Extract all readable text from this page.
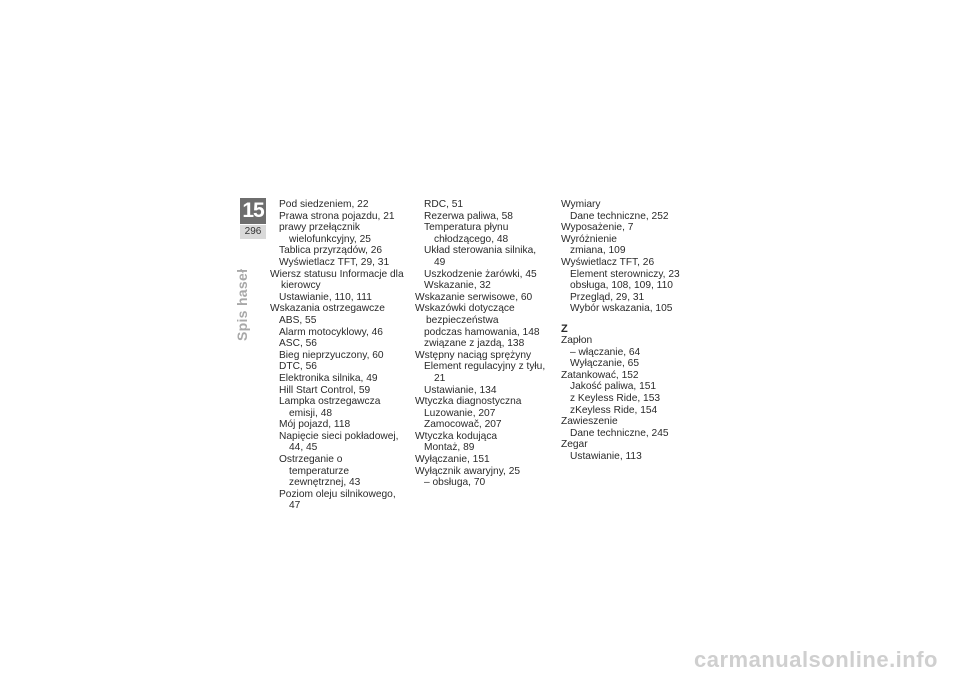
15
296
Spis haseł
Pod siedzeniem, 22
Prawa strona pojazdu, 21
prawy przełącznik wielofunkcyjny, 25
Tablica przyrządów, 26
Wyświetlacz TFT, 29, 31
Wiersz statusu Informacje dla kierowcy
Ustawianie, 110, 111
Wskazania ostrzegawcze
ABS, 55
Alarm motocyklowy, 46
ASC, 56
Bieg nieprzyuczony, 60
DTC, 56
Elektronika silnika, 49
Hill Start Control, 59
Lampka ostrzegawcza emisji, 48
Mój pojazd, 118
Napięcie sieci pokładowej, 44, 45
Ostrzeganie o temperaturze zewnętrznej, 43
Poziom oleju silnikowego, 47
RDC, 51
Rezerwa paliwa, 58
Temperatura płynu chłodzącego, 48
Układ sterowania silnika, 49
Uszkodzenie żarówki, 45
Wskazanie, 32
Wskazanie serwisowe, 60
Wskazówki dotyczące bezpieczeństwa
podczas hamowania, 148
związane z jazdą, 138
Wstępny naciąg sprężyny
Element regulacyjny z tyłu, 21
Ustawianie, 134
Wtyczka diagnostyczna
Luzowanie, 207
Zamocowač, 207
Wtyczka kodująca
Montaż, 89
Wyłączanie, 151
Wyłącznik awaryjny, 25
– obsługa, 70
Wymiary
Dane techniczne, 252
Wyposażenie, 7
Wyróżnienie
zmiana, 109
Wyświetlacz TFT, 26
Element sterowniczy, 23
obsługa, 108, 109, 110
Przegląd, 29, 31
Wybór wskazania, 105
Z
Zapłon
– włączanie, 64
Wyłączanie, 65
Zatankować, 152
Jakość paliwa, 151
z Keyless Ride, 153
zKeyless Ride, 154
Zawieszenie
Dane techniczne, 245
Zegar
Ustawianie, 113
carmanualsonline.info
